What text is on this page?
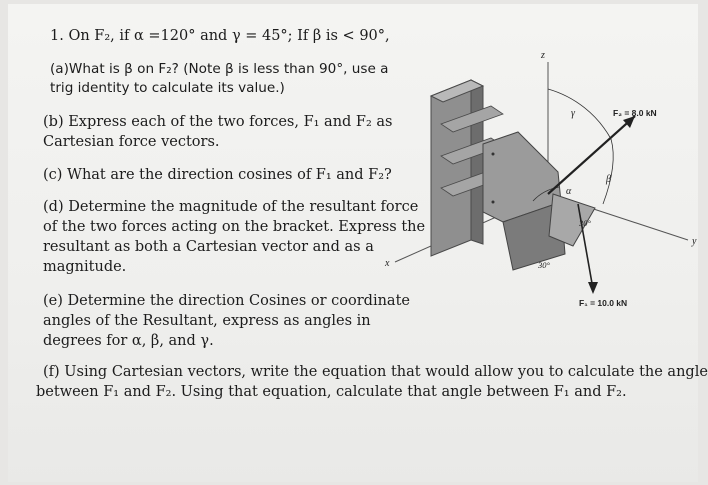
1. On F₂, if α =120° and γ = 45°; If β is < 90°,
(a)What is β on F₂? (Note β is less than 90°, use a
trig identity to calculate its value.)
(b) Express each of the two forces, F₁ and F₂ as
Cartesian force vectors.
(c) What are the direction cosines of F₁ and F₂?
(d) Determine the magnitude of the resultant force
of the two forces acting on the bracket. Express the
resultant as both a Cartesian vector and as a
magnitude.
(e) Determine the direction Cosines or coordinate
angles of the Resultant, express as angles in
degrees for α, β, and γ.
(f) Using Cartesian vectors, write the equation that would allow you to calculate the angle
between F₁ and F₂. Using that equation, calculate that angle between F₁ and F₂.
z
x
y
γ
β
α
F₂ = 8.0 kN
F₁ = 10.0 kN
30°
30°
